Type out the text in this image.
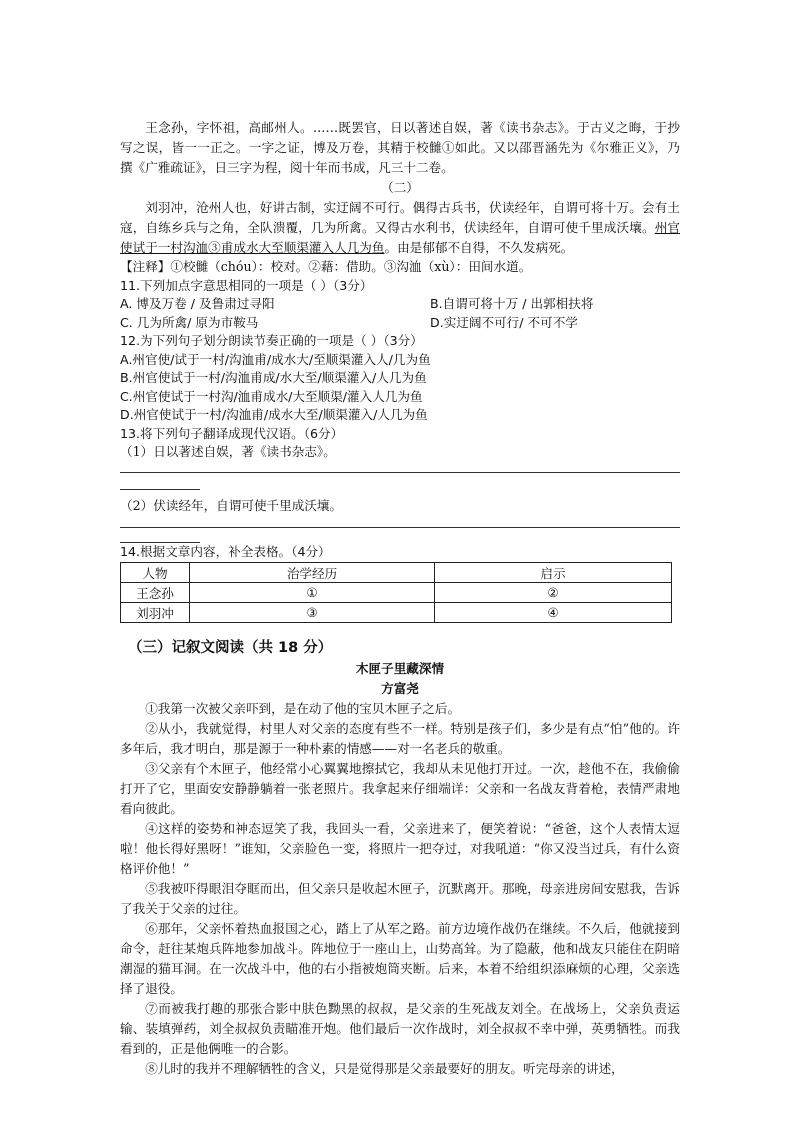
王念孙，字怀祖，高邮州人。……既罢官，日以著述自娱，著《读书杂志》。于古义之晦，于抄写之误，皆一一正之。一字之证，博及万卷，其精于校雠①如此。又以邵晋涵先为《尔雅正义》，乃撰《广雅疏证》，日三字为程，阅十年而书成，凡三十二卷。

（二）

刘羽冲，沧州人也，好讲古制，实迂阔不可行。偶得古兵书，伏读经年，自谓可将十万。会有土寇，自练乡兵与之角，全队溃覆，几为所禽。又得古水利书，伏读经年，自谓可使千里成沃壤。州官使试于一村沟洫③甫成水大至顺渠灌入人几为鱼。由是郁郁不自得，不久发病死。

【注释】①校雠（chóu）：校对。②藉：借助。③沟洫（xù）：田间水道。

11.下列加点字意思相同的一项是（ ）（3分）

A. 博及万卷 / 及鲁肃过寻阳	B.自谓可将十万 / 出郭相扶将
C. 几为所禽/ 原为市鞍马	D.实迂阔不可行/ 不可不学

12.为下列句子划分朗读节奏正确的一项是（ ）（3分）

A.州官使/试于一村/沟洫甫/成水大/至顺渠灌入人/几为鱼

B.州官使试于一村/沟洫甫成/水大至/顺渠灌入/人几为鱼

C.州官使试于一村沟/洫甫成水/大至顺渠/灌入人几为鱼

D.州官使试于一村/沟洫甫/成水大至/顺渠灌入/人几为鱼

13.将下列句子翻译成现代汉语。（6分）

（1）日以著述自娱，著《读书杂志》。

（2）伏读经年，自谓可使千里成沃壤。

14.根据文章内容，补全表格。（4分）

人物	治学经历	启示
王念孙	①	②
刘羽冲	③	④

（三）记叙文阅读（共 18 分）

木匣子里藏深情

方富尧

①我第一次被父亲吓到，是在动了他的宝贝木匣子之后。

②从小，我就觉得，村里人对父亲的态度有些不一样。特别是孩子们，多少是有点“怕”他的。许多年后，我才明白，那是源于一种朴素的情感——对一名老兵的敬重。

③父亲有个木匣子，他经常小心翼翼地擦拭它，我却从未见他打开过。一次，趁他不在，我偷偷打开了它，里面安安静静躺着一张老照片。我拿起来仔细端详：父亲和一名战友背着枪，表情严肃地看向彼此。

④这样的姿势和神态逗笑了我，我回头一看，父亲进来了，便笑着说：“爸爸，这个人表情太逗啦！他长得好黑呀！”谁知，父亲脸色一变，将照片一把夺过，对我吼道：“你又没当过兵，有什么资格评价他！”

⑤我被吓得眼泪夺眶而出，但父亲只是收起木匣子，沉默离开。那晚，母亲进房间安慰我，告诉了我关于父亲的过往。

⑥那年，父亲怀着热血报国之心，踏上了从军之路。前方边境作战仍在继续。不久后，他就接到命令，赶往某炮兵阵地参加战斗。阵地位于一座山上，山势高耸。为了隐蔽，他和战友只能住在阴暗潮湿的猫耳洞。在一次战斗中，他的右小指被炮筒夹断。后来，本着不给组织添麻烦的心理，父亲选择了退役。

⑦而被我打趣的那张合影中肤色黝黑的叔叔，是父亲的生死战友刘全。在战场上，父亲负责运输、装填弹药，刘全叔叔负责瞄准开炮。他们最后一次作战时，刘全叔叔不幸中弹，英勇牺牲。而我看到的，正是他俩唯一的合影。

⑧儿时的我并不理解牺牲的含义，只是觉得那是父亲最要好的朋友。听完母亲的讲述，
